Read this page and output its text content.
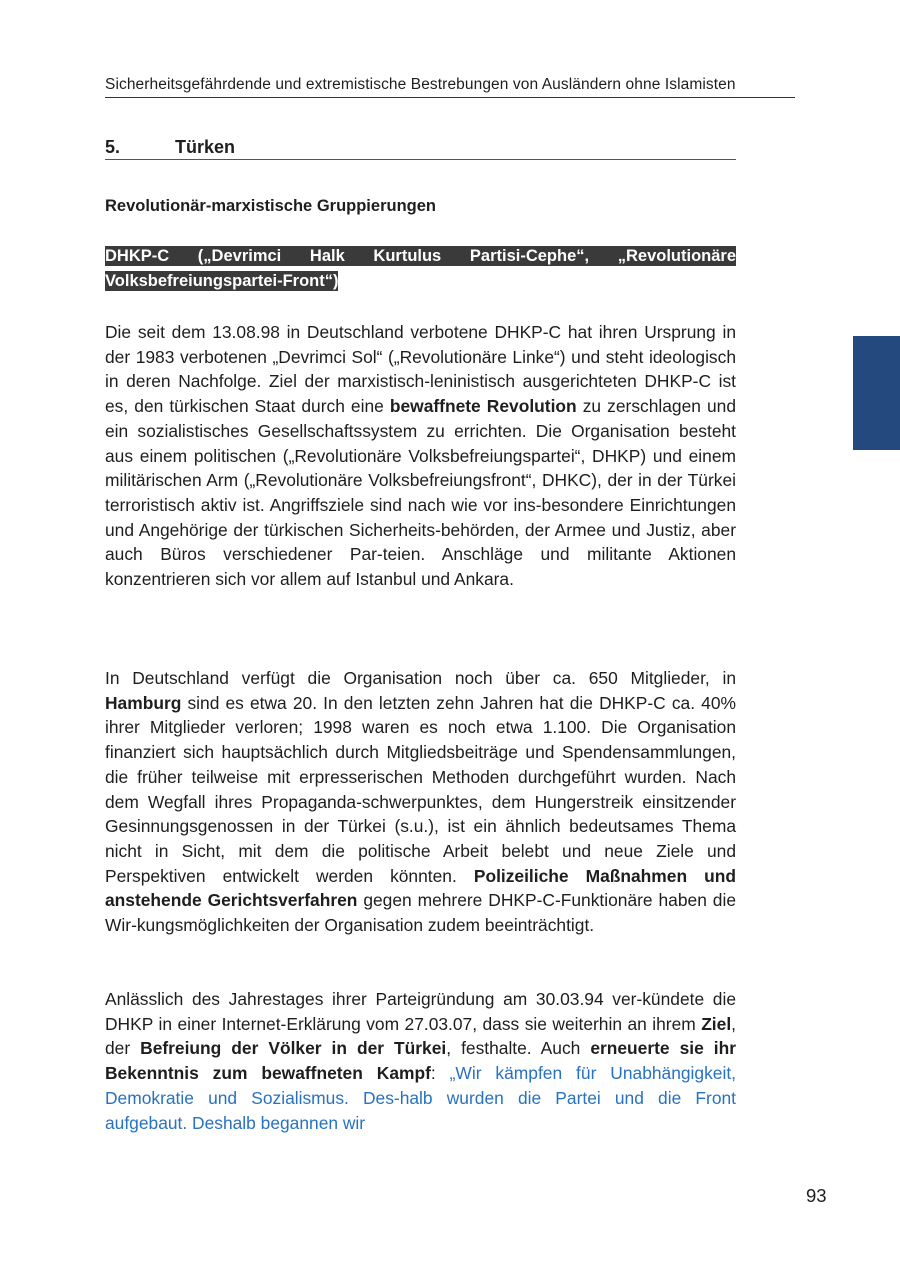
Sicherheitsgefährdende und extremistische Bestrebungen von Ausländern ohne Islamisten
5.	Türken
Revolutionär-marxistische Gruppierungen
DHKP-C („Devrimci Halk Kurtulus Partisi-Cephe“, „Revolutionäre Volksbefreiungspartei-Front“)

Die seit dem 13.08.98 in Deutschland verbotene DHKP-C hat ihren Ursprung in der 1983 verbotenen „Devrimci Sol“ („Revolutionäre Linke“) und steht ideologisch in deren Nachfolge. Ziel der marxistisch-leninistisch ausgerichteten DHKP-C ist es, den türkischen Staat durch eine bewaffnete Revolution zu zerschlagen und ein sozialistisches Gesellschaftssystem zu errichten. Die Organisation besteht aus einem politischen („Revolutionäre Volksbefreiungspartei“, DHKP) und einem militärischen Arm („Revolutionäre Volksbefreiungsfront“, DHKC), der in der Türkei terroristisch aktiv ist. Angriffsziele sind nach wie vor ins-besondere Einrichtungen und Angehörige der türkischen Sicherheits-behörden, der Armee und Justiz, aber auch Büros verschiedener Par-teien. Anschläge und militante Aktionen konzentrieren sich vor allem auf Istanbul und Ankara.

In Deutschland verfügt die Organisation noch über ca. 650 Mitglieder, in Hamburg sind es etwa 20. In den letzten zehn Jahren hat die DHKP-C ca. 40% ihrer Mitglieder verloren; 1998 waren es noch etwa 1.100. Die Organisation finanziert sich hauptsächlich durch Mitgliedsbeiträge und Spendensammlungen, die früher teilweise mit erpresserischen Methoden durchgeführt wurden. Nach dem Wegfall ihres Propaganda-schwerpunktes, dem Hungerstreik einsitzender Gesinnungsgenossen in der Türkei (s.u.), ist ein ähnlich bedeutsames Thema nicht in Sicht, mit dem die politische Arbeit belebt und neue Ziele und Perspektiven entwickelt werden könnten. Polizeiliche Maßnahmen und anstehende Gerichtsverfahren gegen mehrere DHKP-C-Funktionäre haben die Wir-kungsmöglichkeiten der Organisation zudem beeinträchtigt.

Anlässlich des Jahrestages ihrer Parteigründung am 30.03.94 ver-kündete die DHKP in einer Internet-Erklärung vom 27.03.07, dass sie weiterhin an ihrem Ziel, der Befreiung der Völker in der Türkei, festhalte. Auch erneuerte sie ihr Bekenntnis zum bewaffneten Kampf: „Wir kämpfen für Unabhängigkeit, Demokratie und Sozialismus. Des-halb wurden die Partei und die Front aufgebaut. Deshalb begannen wir

93
